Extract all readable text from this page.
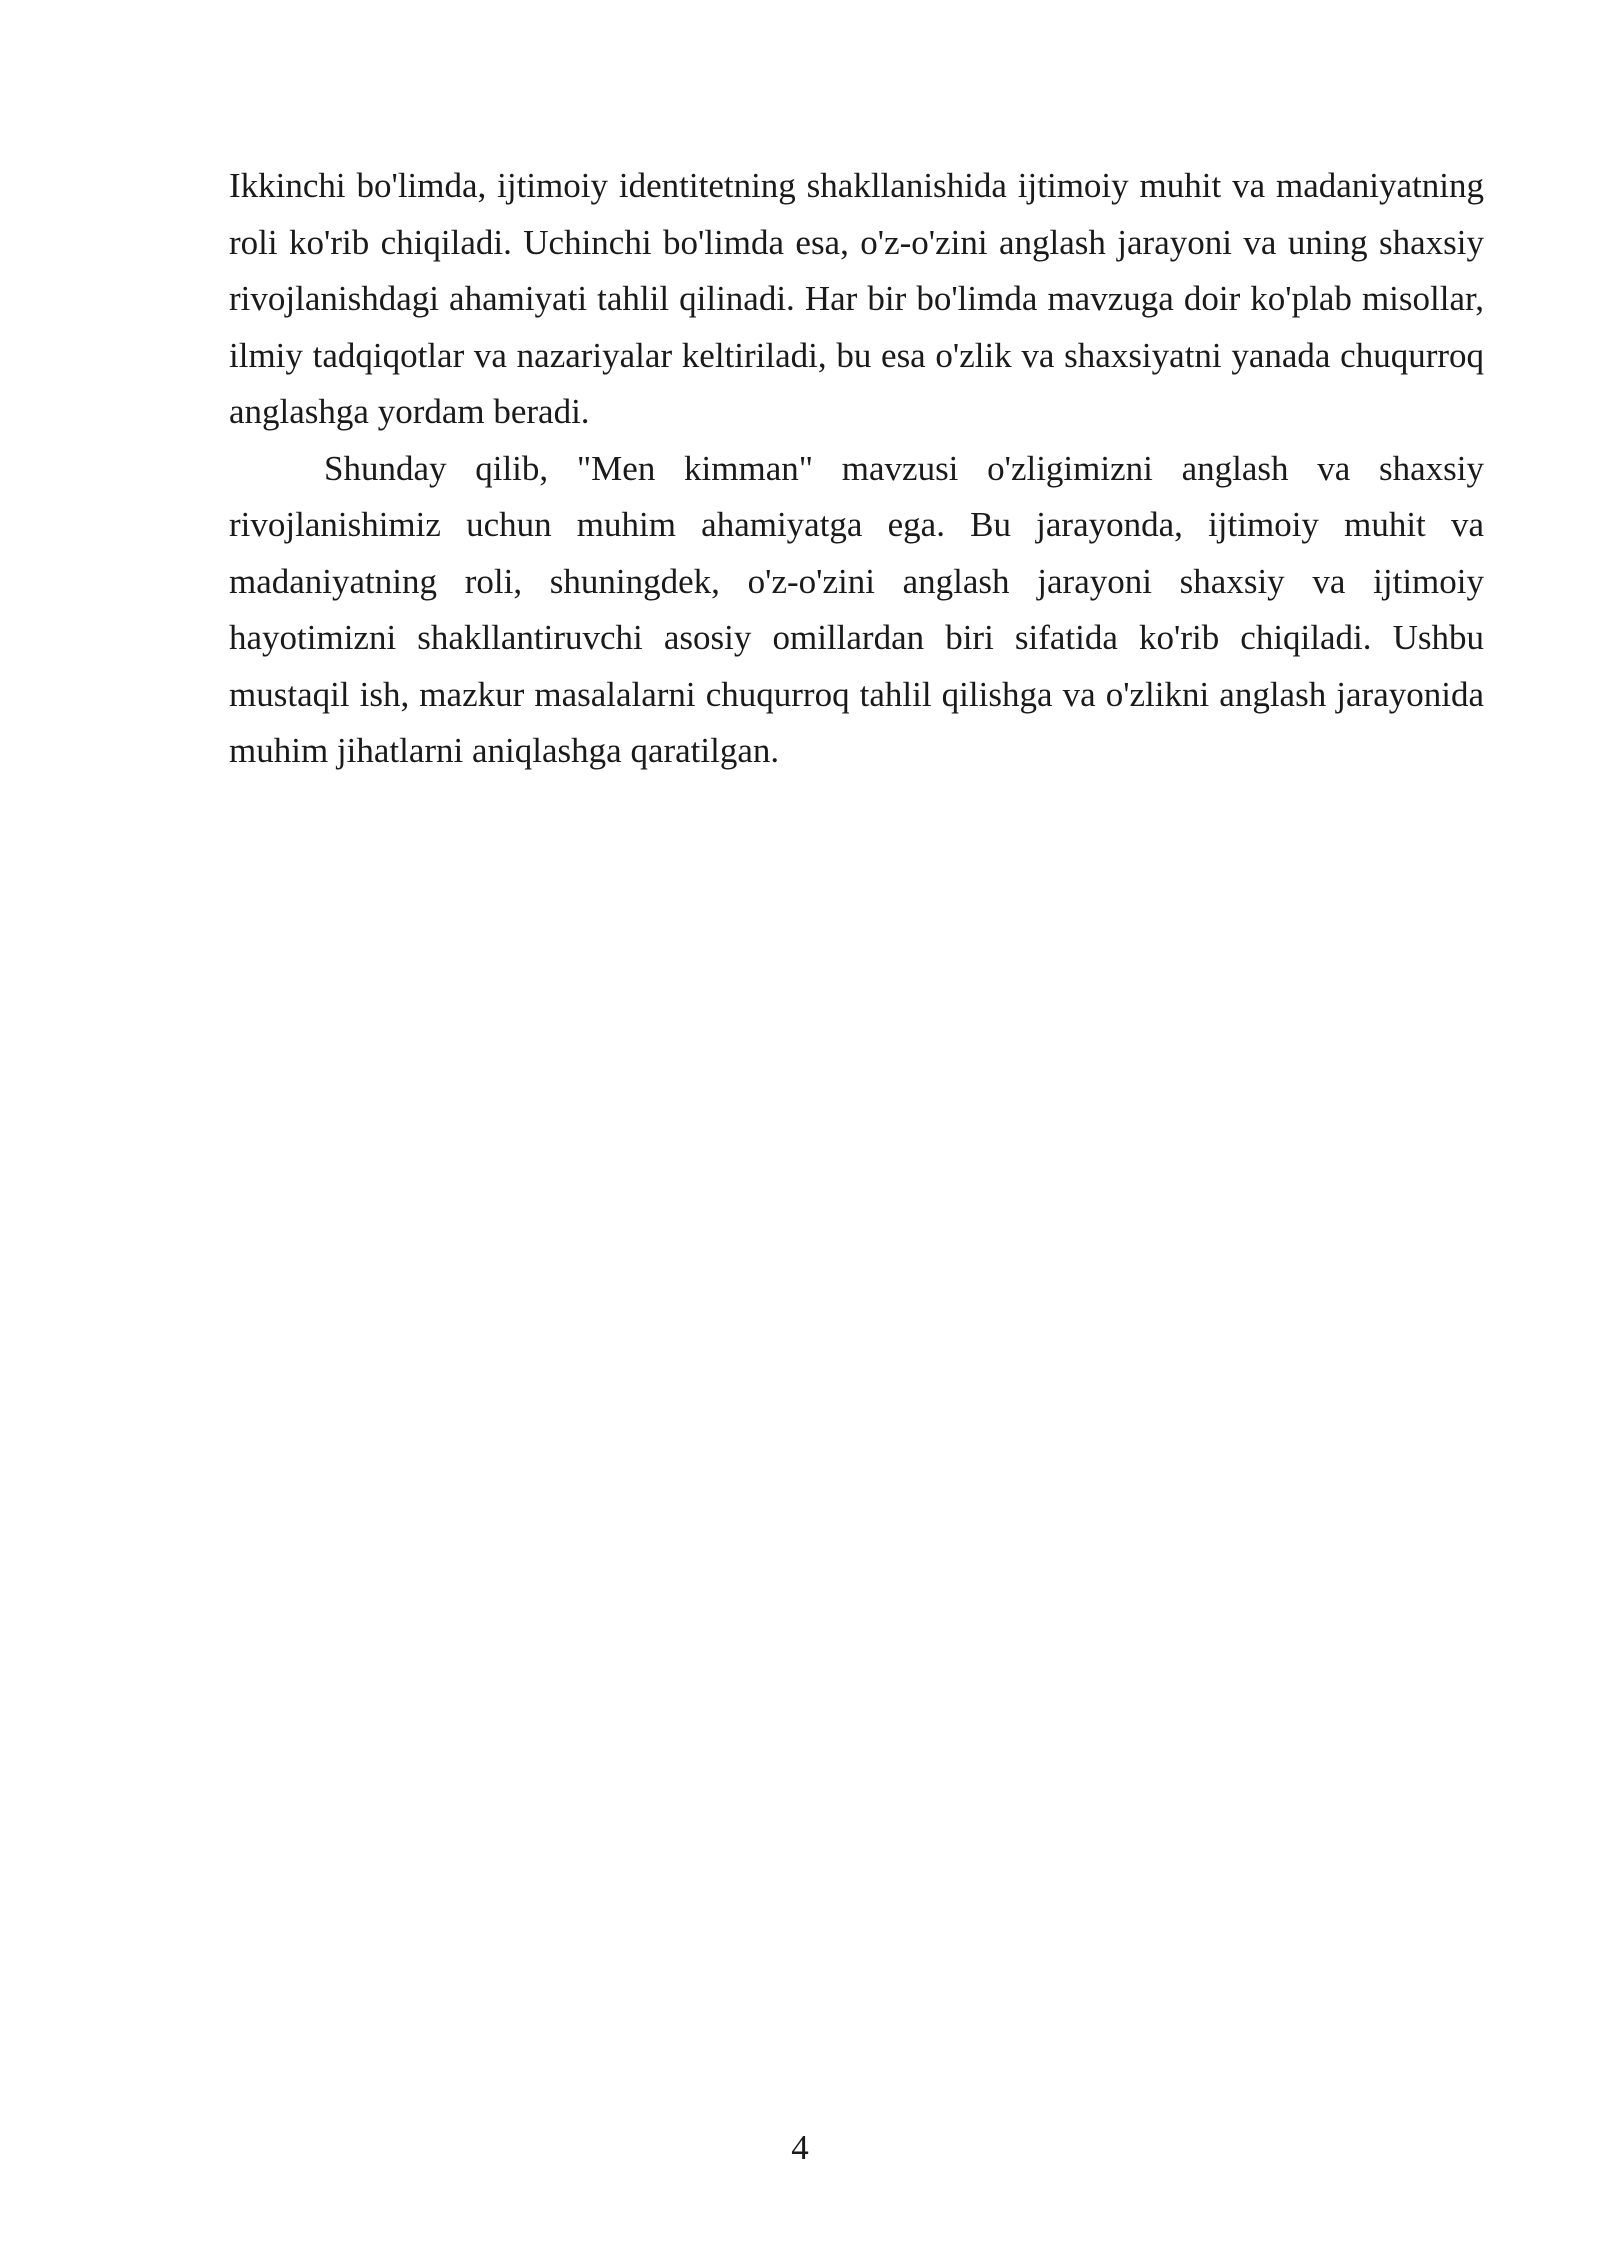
Ikkinchi bo'limda, ijtimoiy identitetning shakllanishida ijtimoiy muhit va madaniyatning roli ko'rib chiqiladi. Uchinchi bo'limda esa, o'z-o'zini anglash jarayoni va uning shaxsiy rivojlanishdagi ahamiyati tahlil qilinadi. Har bir bo'limda mavzuga doir ko'plab misollar, ilmiy tadqiqotlar va nazariyalar keltiriladi, bu esa o'zlik va shaxsiyatni yanada chuqurroq anglashga yordam beradi.

Shunday qilib, "Men kimman" mavzusi o'zligimizni anglash va shaxsiy rivojlanishimiz uchun muhim ahamiyatga ega. Bu jarayonda, ijtimoiy muhit va madaniyatning roli, shuningdek, o'z-o'zini anglash jarayoni shaxsiy va ijtimoiy hayotimizni shakllantiruvchi asosiy omillardan biri sifatida ko'rib chiqiladi. Ushbu mustaqil ish, mazkur masalalarni chuqurroq tahlil qilishga va o'zlikni anglash jarayonida muhim jihatlarni aniqlashga qaratilgan.

4
